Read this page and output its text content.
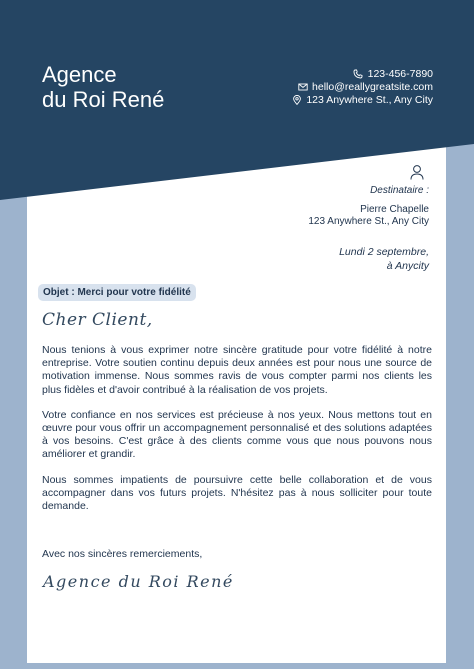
Agence
du Roi René
123-456-7890
hello@reallygreatsite.com
123 Anywhere St., Any City
Destinataire :
Pierre Chapelle
123 Anywhere St., Any City
Lundi 2 septembre,
à Anycity
Objet : Merci pour votre fidélité
Cher Client,

Nous tenions à vous exprimer notre sincère gratitude pour votre fidélité à notre entreprise. Votre soutien continu depuis deux années est pour nous une source de motivation immense. Nous sommes ravis de vous compter parmi nos clients les plus fidèles et d'avoir contribué à la réalisation de vos projets.

Votre confiance en nos services est précieuse à nos yeux. Nous mettons tout en œuvre pour vous offrir un accompagnement personnalisé et des solutions adaptées à vos besoins. C'est grâce à des clients comme vous que nous pouvons nous améliorer et grandir.

Nous sommes impatients de poursuivre cette belle collaboration et de vous accompagner dans vos futurs projets. N'hésitez pas à nous solliciter pour toute demande.

Avec nos sincères remerciements,
Agence du Roi René
